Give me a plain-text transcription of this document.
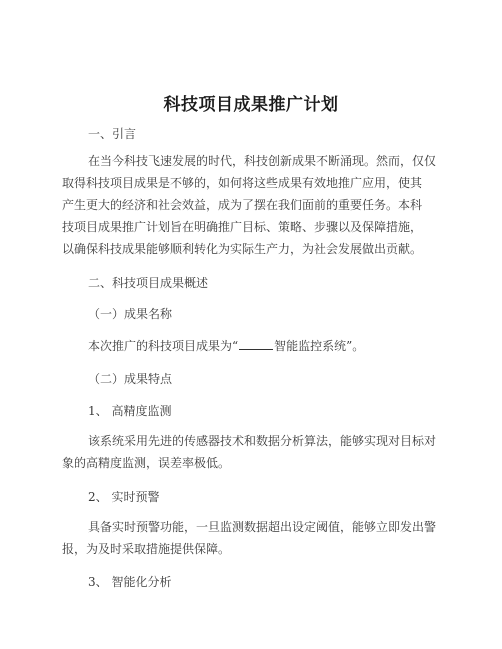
科技项目成果推广计划
一、引言
在当今科技飞速发展的时代，科技创新成果不断涌现。然而，仅仅
取得科技项目成果是不够的，如何将这些成果有效地推广应用，使其
产生更大的经济和社会效益，成为了摆在我们面前的重要任务。本科
技项目成果推广计划旨在明确推广目标、策略、步骤以及保障措施，
以确保科技成果能够顺利转化为实际生产力，为社会发展做出贡献。
二、科技项目成果概述
（一）成果名称
本次推广的科技项目成果为“	智能监控系统”。
（二）成果特点
1、 高精度监测
该系统采用先进的传感器技术和数据分析算法，能够实现对目标对
象的高精度监测，误差率极低。
2、 实时预警
具备实时预警功能，一旦监测数据超出设定阈值，能够立即发出警
报，为及时采取措施提供保障。
3、 智能化分析
